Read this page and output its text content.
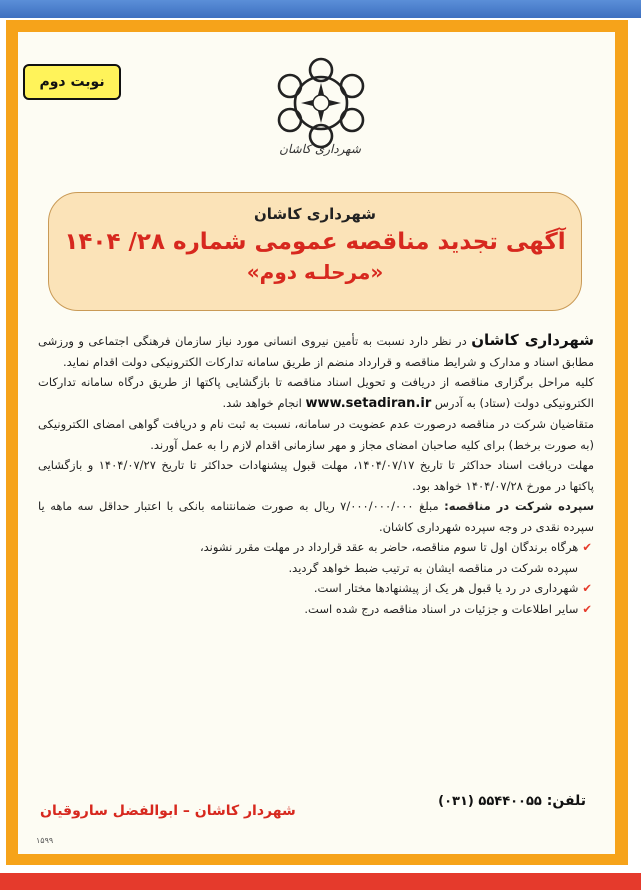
نوبت دوم
شهرداری کاشان
شهرداری کاشان
آگهی تجدید مناقصه عمومی شماره ۲۸/ ۱۴۰۴
«مرحلـه دوم»

شهرداری کاشان در نظر دارد نسبت به تأمین نیروی انسانی مورد نیاز سازمان فرهنگی اجتماعی و ورزشی مطابق اسناد و مدارک و شرایط مناقصه و قرارداد منضم از طریق سامانه تدارکات الکترونیکی دولت اقدام نماید.

کلیه مراحل برگزاری مناقصه از دریافت و تحویل اسناد مناقصه تا بازگشایی پاکتها از طریق درگاه سامانه تدارکات الکترونیکی دولت (ستاد) به آدرس www.setadiran.ir انجام خواهد شد.

متقاضیان شرکت در مناقصه درصورت عدم عضویت در سامانه، نسبت به ثبت نام و دریافت گواهی امضای الکترونیکی (به صورت برخط) برای کلیه صاحبان امضای مجاز و مهر سازمانی اقدام لازم را به عمل آورند.

مهلت دریافت اسناد حداکثر تا تاریخ ۱۴۰۴/۰۷/۱۷، مهلت قبول پیشنهادات حداکثر تا تاریخ ۱۴۰۴/۰۷/۲۷ و بازگشایی پاکتها در مورخ ۱۴۰۴/۰۷/۲۸ خواهد بود.

سپرده شرکت در مناقصه: مبلغ ۷/۰۰۰/۰۰۰/۰۰۰ ریال به صورت ضمانتنامه بانکی با اعتبار حداقل سه ماهه یا سپرده نقدی در وجه سپرده شهرداری کاشان.

✔هرگاه برندگان اول تا سوم مناقصه، حاضر به عقد قرارداد در مهلت مقرر نشوند،

سپرده شرکت در مناقصه ایشان به ترتیب ضبط خواهد گردید.

✔شهرداری در رد یا قبول هر یک از پیشنهادها مختار است.

✔سایر اطلاعات و جزئیات در اسناد مناقصه درج شده است.

تلفن: (۰۳۱) ۵۵۴۴۰۰۵۵
شهردار کاشان – ابوالفضل ساروقیان
۱۵۹۹
